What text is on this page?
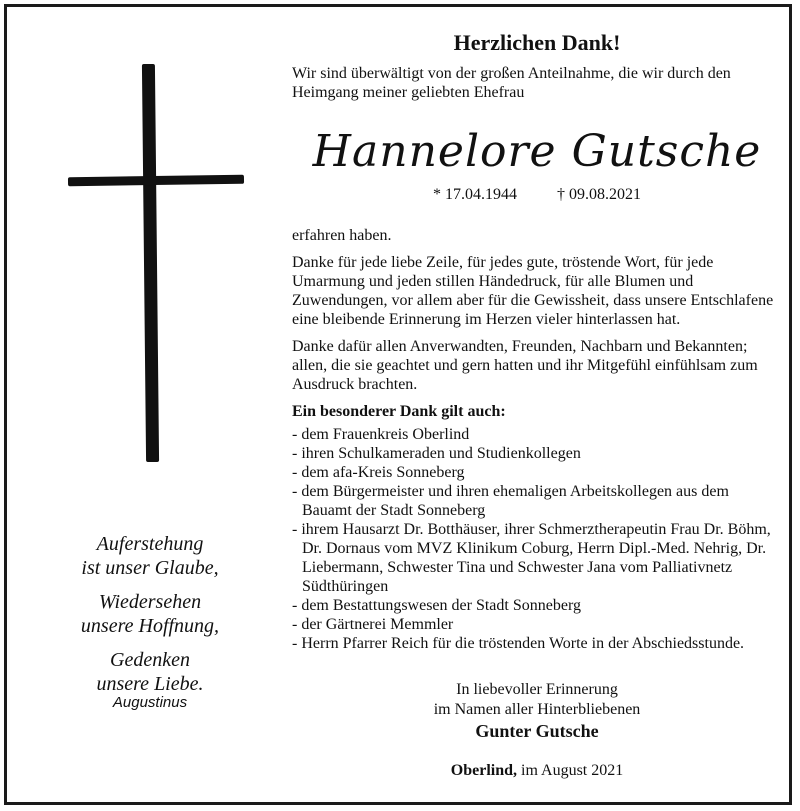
Auferstehung

ist unser Glaube,

Wiedersehen

unsere Hoffnung,

Gedenken

unsere Liebe.

Augustinus
Herzlichen Dank!
Wir sind überwältigt von der großen Anteilnahme, die wir durch den Heimgang meiner geliebten Ehefrau
Hannelore Gutsche
* 17.04.1944	† 09.08.2021

erfahren haben.

Danke für jede liebe Zeile, für jedes gute, tröstende Wort, für jede Umarmung und jeden stillen Händedruck, für alle Blumen und Zuwendungen, vor allem aber für die Gewissheit, dass unsere Entschlafene eine bleibende Erinnerung im Herzen vieler hinterlassen hat.

Danke dafür allen Anverwandten, Freunden, Nachbarn und Bekannten; allen, die sie geachtet und gern hatten und ihr Mitgefühl einfühlsam zum Ausdruck brachten.

Ein besonderer Dank gilt auch:

- dem Frauenkreis Oberlind
- ihren Schulkameraden und Studienkollegen
- dem afa-Kreis Sonneberg
- dem Bürgermeister und ihren ehemaligen Arbeitskollegen aus dem Bauamt der Stadt Sonneberg
- ihrem Hausarzt Dr. Botthäuser, ihrer Schmerztherapeutin Frau Dr. Böhm, Dr. Dornaus vom MVZ Klinikum Coburg, Herrn Dipl.-Med. Nehrig, Dr. Liebermann, Schwester Tina und Schwester Jana vom Palliativnetz Südthüringen
- dem Bestattungswesen der Stadt Sonneberg
- der Gärtnerei Memmler
- Herrn Pfarrer Reich für die tröstenden Worte in der Abschiedsstunde.
In liebevoller Erinnerung
im Namen aller Hinterbliebenen
Gunter Gutsche
Oberlind, im August 2021
